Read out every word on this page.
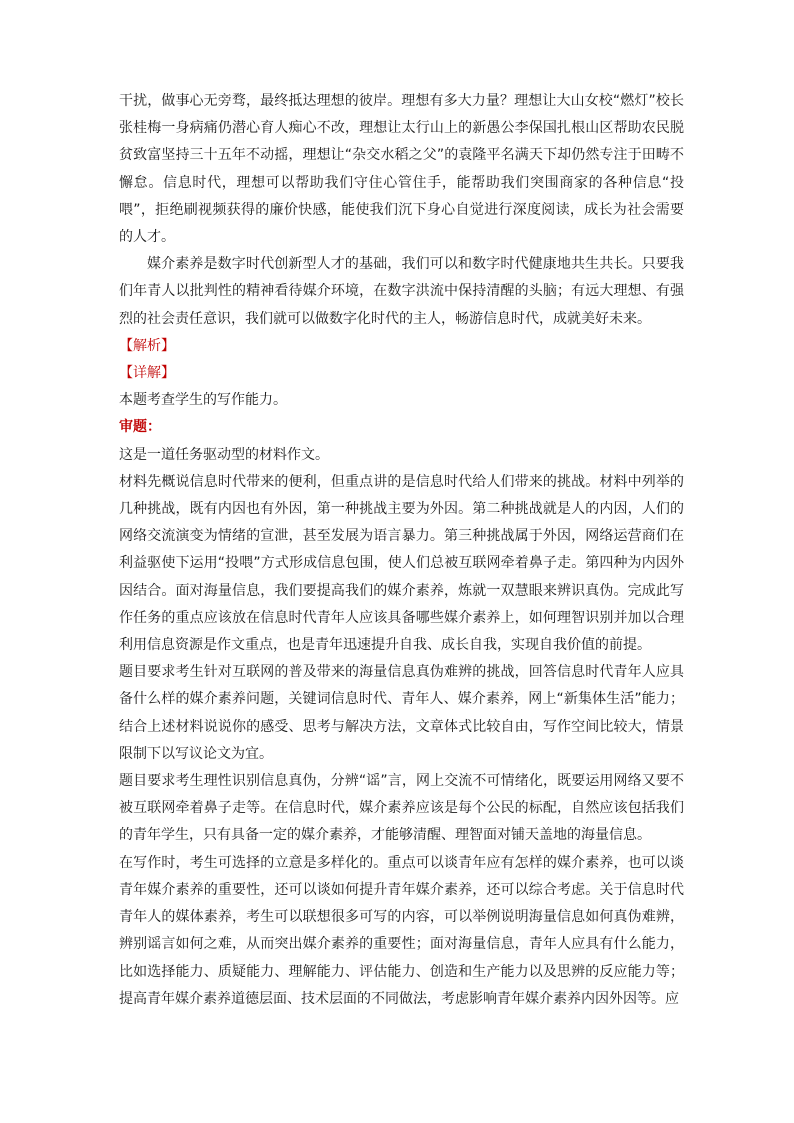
干扰，做事心无旁骛，最终抵达理想的彼岸。理想有多大力量？理想让大山女校“燃灯”校长张桂梅一身病痛仍潜心育人痴心不改，理想让太行山上的新愚公李保国扎根山区帮助农民脱贫致富坚持三十五年不动摇，理想让“杂交水稻之父”的袁隆平名满天下却仍然专注于田畴不懈怠。信息时代，理想可以帮助我们守住心管住手，能帮助我们突围商家的各种信息“投喂”，拒绝刷视频获得的廉价快感，能使我们沉下身心自觉进行深度阅读，成长为社会需要的人才。

媒介素养是数字时代创新型人才的基础，我们可以和数字时代健康地共生共长。只要我们年青人以批判性的精神看待媒介环境，在数字洪流中保持清醒的头脑；有远大理想、有强烈的社会责任意识，我们就可以做数字化时代的主人，畅游信息时代，成就美好未来。

【解析】

【详解】

本题考查学生的写作能力。

审题：

这是一道任务驱动型的材料作文。

材料先概说信息时代带来的便利，但重点讲的是信息时代给人们带来的挑战。材料中列举的几种挑战，既有内因也有外因，第一种挑战主要为外因。第二种挑战就是人的内因，人们的网络交流演变为情绪的宣泄，甚至发展为语言暴力。第三种挑战属于外因，网络运营商们在利益驱使下运用“投喂”方式形成信息包围，使人们总被互联网牵着鼻子走。第四种为内因外因结合。面对海量信息，我们要提高我们的媒介素养，炼就一双慧眼来辨识真伪。完成此写作任务的重点应该放在信息时代青年人应该具备哪些媒介素养上，如何理智识别并加以合理利用信息资源是作文重点，也是青年迅速提升自我、成长自我，实现自我价值的前提。

题目要求考生针对互联网的普及带来的海量信息真伪难辨的挑战，回答信息时代青年人应具备什么样的媒介素养问题，关键词信息时代、青年人、媒介素养，网上“新集体生活”能力；结合上述材料说说你的感受、思考与解决方法，文章体式比较自由，写作空间比较大，情景限制下以写议论文为宜。

题目要求考生理性识别信息真伪，分辨“谣”言，网上交流不可情绪化，既要运用网络又要不被互联网牵着鼻子走等。在信息时代，媒介素养应该是每个公民的标配，自然应该包括我们的青年学生，只有具备一定的媒介素养，才能够清醒、理智面对铺天盖地的海量信息。

在写作时，考生可选择的立意是多样化的。重点可以谈青年应有怎样的媒介素养，也可以谈青年媒介素养的重要性，还可以谈如何提升青年媒介素养，还可以综合考虑。关于信息时代青年人的媒体素养，考生可以联想很多可写的内容，可以举例说明海量信息如何真伪难辨，辨别谣言如何之难，从而突出媒介素养的重要性；面对海量信息，青年人应具有什么能力，比如选择能力、质疑能力、理解能力、评估能力、创造和生产能力以及思辨的反应能力等；提高青年媒介素养道德层面、技术层面的不同做法，考虑影响青年媒介素养内因外因等。应
